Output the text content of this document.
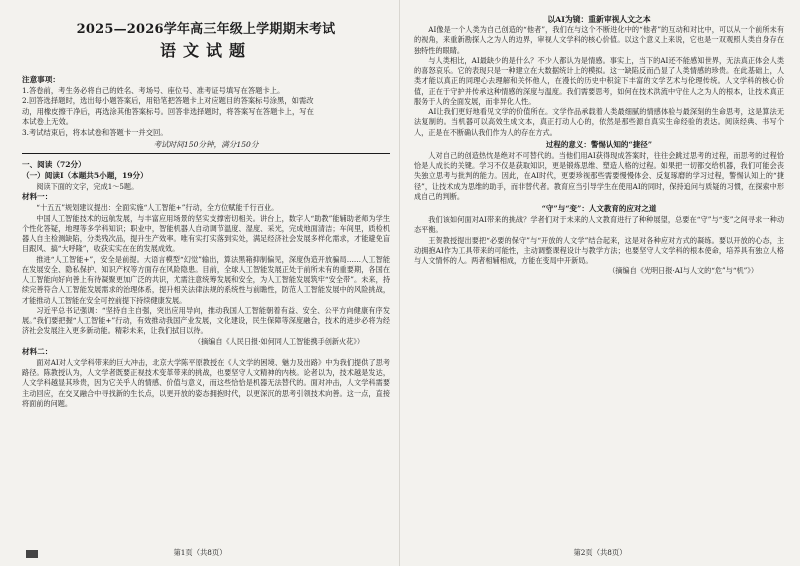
2025—2026学年高三年级上学期期末考试
语文试题
注意事项：

1.答卷前，考生务必将自己的姓名、考场号、座位号、准考证号填写在答题卡上。

2.回答选择题时，选出每小题答案后，用铅笔把答题卡上对应题目的答案标号涂黑，如需改

动，用橡皮擦干净后，再选涂其他答案标号。回答非选择题时，将答案写在答题卡上，写在

本试卷上无效。

3.考试结束后，将本试卷和答题卡一并交回。

考试时间150分钟，满分150分
一、阅读（72分）
（一）阅读Ⅰ（本题共5小题，19分）

阅读下面的文字，完成1～5题。

材料一：

“十五五”规划建议提出：全面实施“人工智能+”行动，全方位赋能千行百业。

中国人工智能技术的远航发展，与丰富应用场景的坚实支撑密切相关。讲台上，数字人“助教”能辅助老师为学生个性化答疑，地理等多学科知识；职业中，智能机器人自动调节温度、湿度、采光，完成地面清洁；车间里，质检机器人自主检测缺陷，分类残次品，提升生产效率。唯有实打实落到实处，满足经济社会发展多样化需求，才能避免盲目跟风、搞“大呼隆”，收获实实在在的发展成效。

推进“人工智能+”，安全是前提。大语言模型“幻觉”输出，算法黑箱抑制偏见，深度伪造开放骗局……人工智能在发展安全、隐私保护、知识产权等方面存在风险隐患。目前，全球人工智能发展正处于前所未有的重要期，各国在人工智能向好向善上有待凝聚更加广泛的共识，尤需注意统筹发展和安全，为人工智能发展筑牢“安全带”。未来，持续完善符合人工智能发展需求的治理体系，提升相关法律法规的系统性与前瞻性，防范人工智能发展中的风险挑战，才能推动人工智能在安全可控前提下持续健康发展。

习近平总书记强调：“坚持自主自强，突出应用导向，推动我国人工智能朝着有益、安全、公平方向健康有序发展。”我们要把握“人工智能+”行动，有效推动我国产业发展，文化建设，民生保障等深度融合，技术的进步必将为经济社会发展注入更多新动能。精彩未来，让我们拭目以待。

（摘编自《人民日报·如何同人工智能携手创新火花》）

材料二：

面对AI对人文学科带来的巨大冲击，北京大学陈平原教授在《人文学的困境、魅力及出路》中为我们提供了思考路径。陈教授认为，人文学者既要正视技术变革带来的挑战，也要坚守人文精神的内核。论者以为，技术越是发达，人文学科越显其珍贵，因为它关乎人的情感、价值与意义，而这些恰恰是机器无法替代的。面对冲击，人文学科需要主动回应，在交叉融合中寻找新的生长点，以更开放的姿态拥抱时代，以更深沉的思考引领技术向善。这一点，直接将面前的问题。

第1页（共8页）
以AI为镜：重新审视人文之本

AI像是一个人类为自己创造的“他者”，我们在与这个不断进化中的“他者”的互动和对比中，可以从一个前所未有的视角，来重新勘探人之为人的边界，审视人文学科的核心价值。以这个意义上来说，它也是一双观照人类自身存在独特性的眼睛。

与人类相比，AI最缺少的是什么？不少人都认为是情感。事实上，当下的AI还不能感知世界，无法真正体会人类的喜怒哀乐。它的表现只是一种建立在大数据统计上的模拟。这一缺陷反而凸显了人类情感的珍贵。在此基础上，人类才能以真正的同理心去理解和关怀他人，在漫长的历史中积淀下丰富的文学艺术与伦理传统。人文学科的核心价值，正在于守护并传承这种情感的深度与温度。我们需要思考，如何在技术洪流中守住人之为人的根本，让技术真正服务于人的全面发展，而非异化人性。

AI让我们更好地看见文学的价值所在。文学作品承载着人类最细腻的情感体验与最深刻的生命思考，这是算法无法复制的。当机器可以高效生成文本，真正打动人心的，依然是那些源自真实生命经验的表达。阅读经典、书写个人，正是在不断确认我们作为人的存在方式。

过程的意义：警惕认知的“捷径”

人对自己的创造热忱是绝对不可替代的。当他们用AI获得现成答案时，往往会跳过思考的过程，而思考的过程恰恰是人成长的关键。学习不仅是获取知识，更是锻炼思维、塑造人格的过程。如果把一切都交给机器，我们可能会丧失独立思考与批判的能力。因此，在AI时代，更要珍视那些需要慢慢体会、反复琢磨的学习过程，警惕认知上的“捷径”，让技术成为思维的助手，而非替代者。教育应当引导学生在使用AI的同时，保持追问与质疑的习惯，在探索中形成自己的判断。

“守”与“变”：人文教育的应对之道

我们该如何面对AI带来的挑战？学者们对于未来的人文教育进行了种种展望，总要在“守”与“变”之间寻求一种动态平衡。

王贺教授提出要把“必要的保守”与“开放的人文学”结合起来，这是对各种应对方式的凝练。要以开放的心态，主动拥抱AI作为工具带来的可能性，主动调整课程设计与教学方法；也要坚守人文学科的根本使命，培养具有独立人格与人文情怀的人。两者相辅相成，方能在变局中开新局。

（摘编自《光明日报·AI与人文的“危”与“机”》）

第2页（共8页）
